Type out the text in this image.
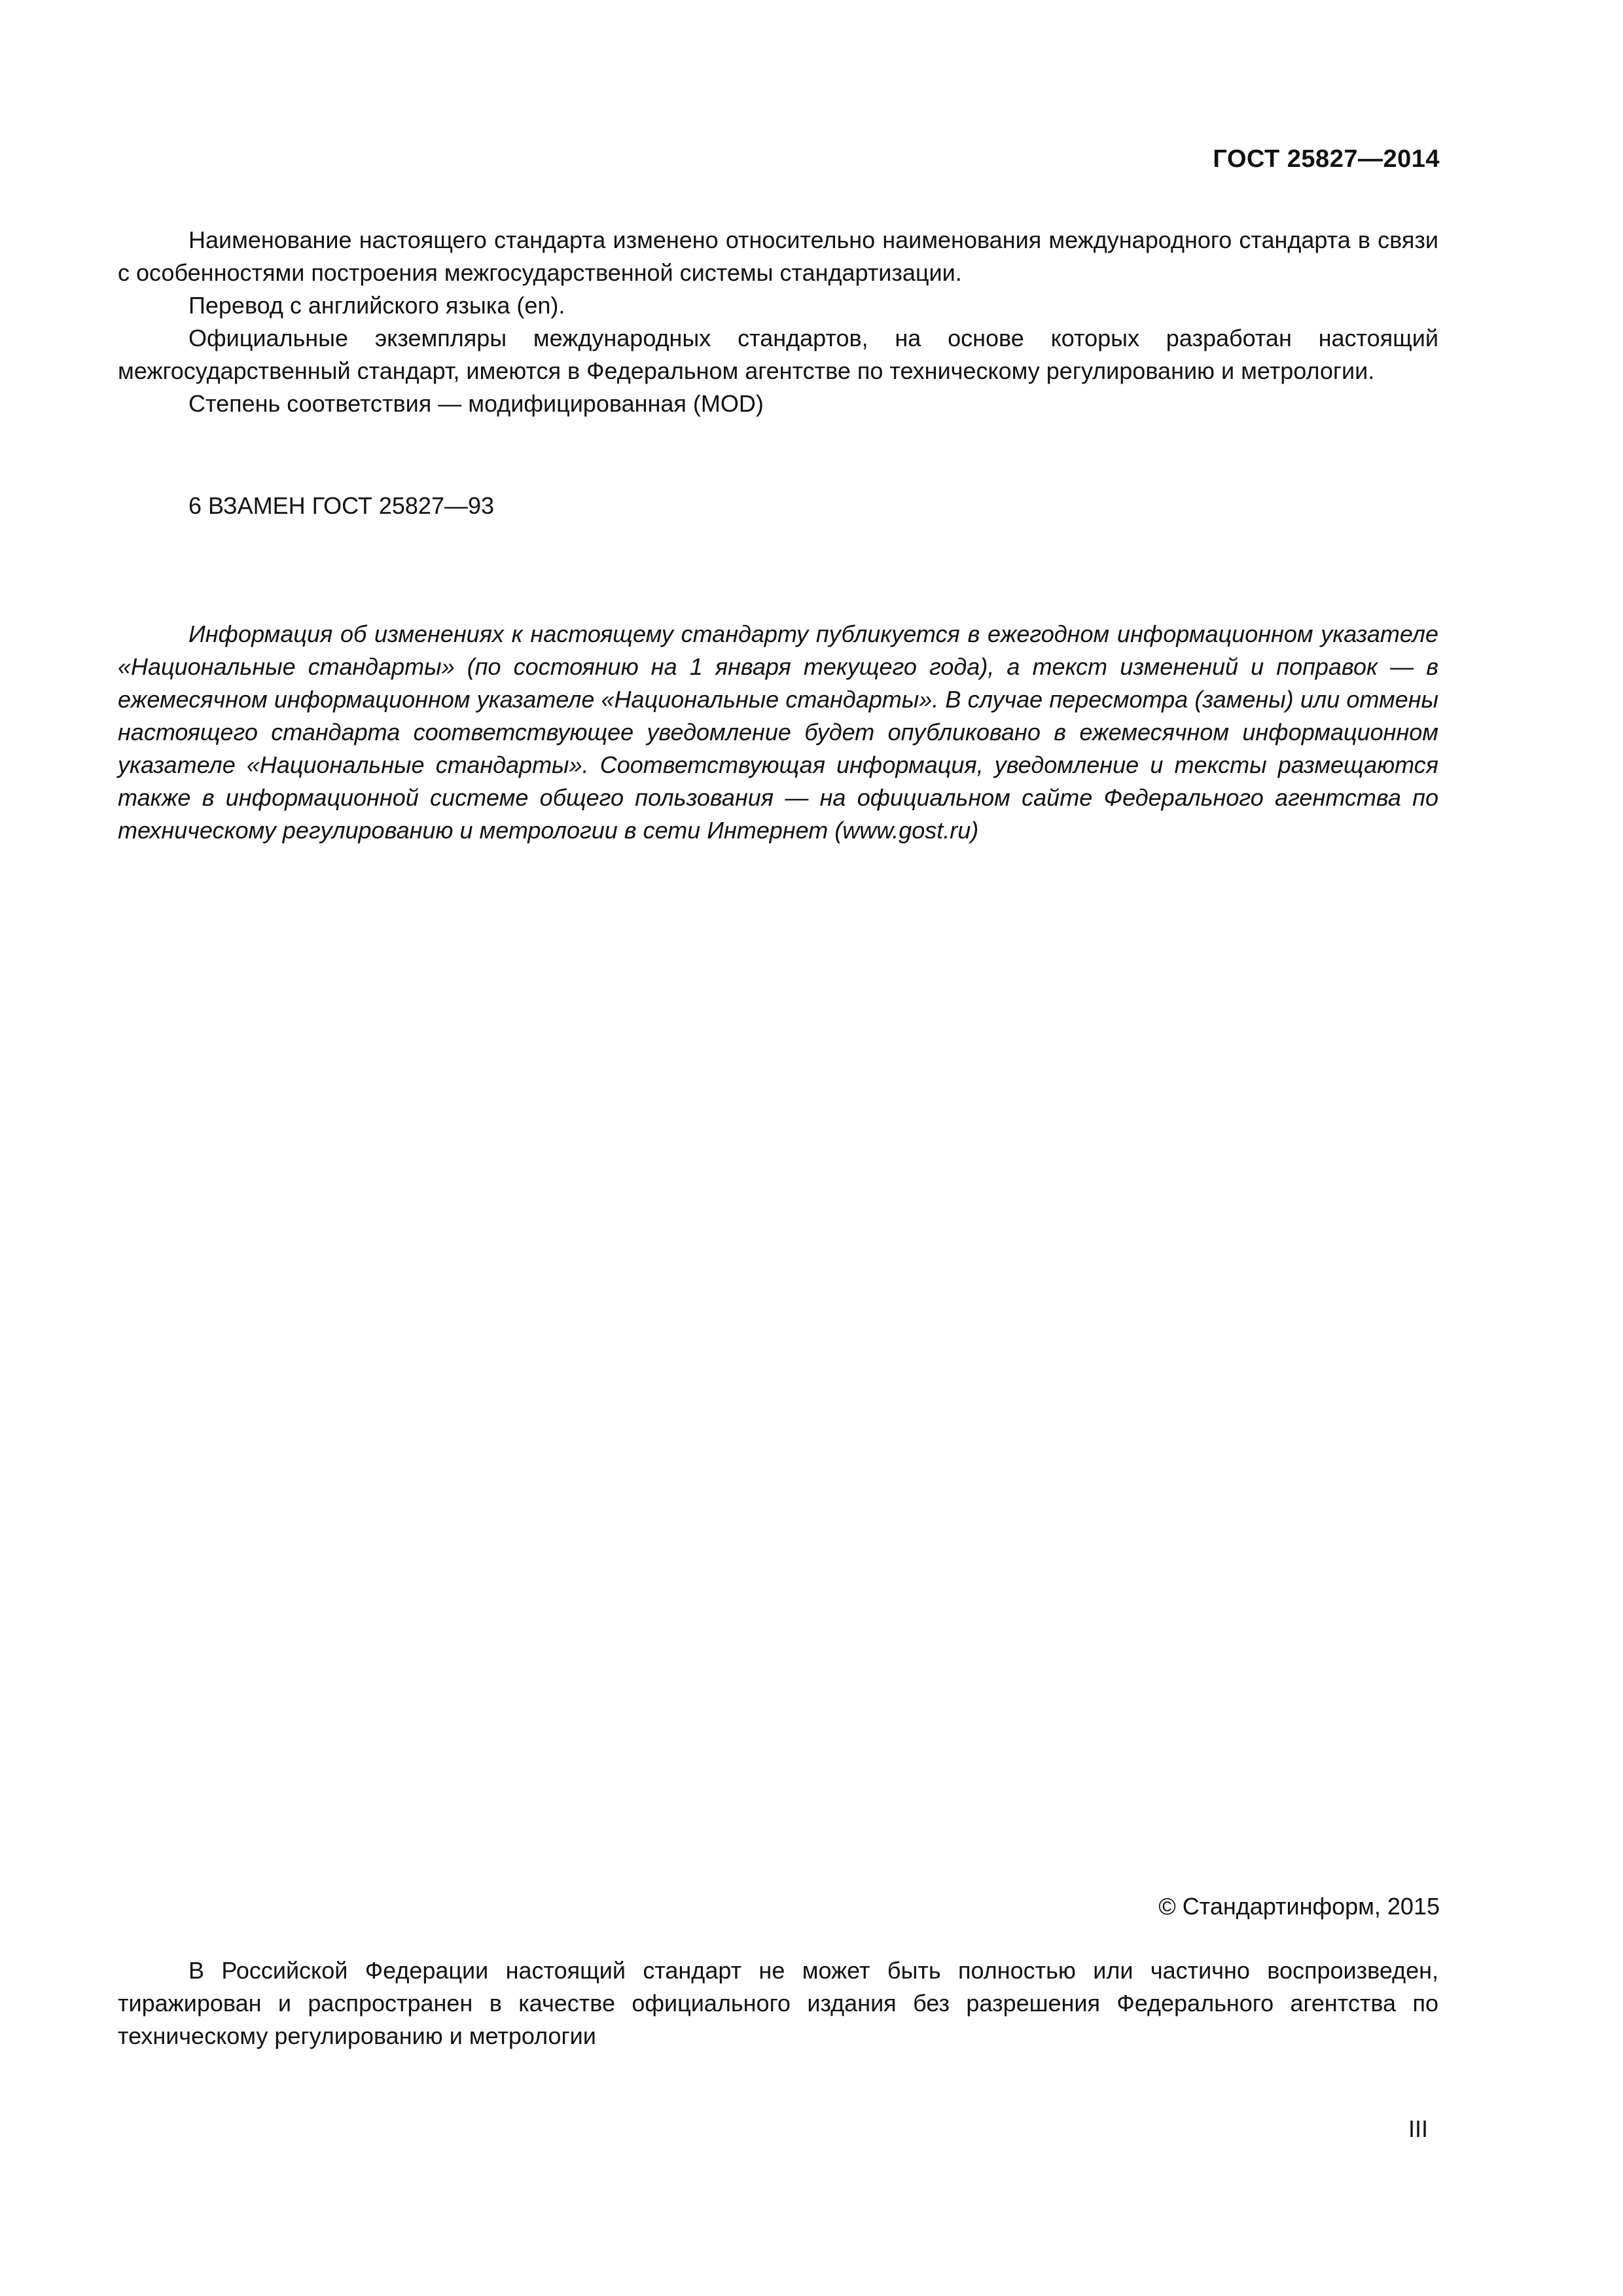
ГОСТ 25827—2014

Наименование настоящего стандарта изменено относительно наименования международного стандарта в связи с особенностями построения межгосударственной системы стандартизации.

Перевод с английского языка (en).

Официальные экземпляры международных стандартов, на основе которых разработан настоящий межгосударственный стандарт, имеются в Федеральном агентстве по техническому регулированию и метрологии.

Степень соответствия — модифицированная (MOD)

6 ВЗАМЕН ГОСТ 25827—93

Информация об изменениях к настоящему стандарту публикуется в ежегодном информационном указателе «Национальные стандарты» (по состоянию на 1 января текущего года), а текст изменений и поправок — в ежемесячном информационном указателе «Национальные стандарты». В случае пересмотра (замены) или отмены настоящего стандарта соответствующее уведомление будет опубликовано в ежемесячном информационном указателе «Национальные стандарты». Соответствующая информация, уведомление и тексты размещаются также в информационной системе общего пользования — на официальном сайте Федерального агентства по техническому регулированию и метрологии в сети Интернет (www.gost.ru)

© Стандартинформ, 2015

В Российской Федерации настоящий стандарт не может быть полностью или частично воспроизведен, тиражирован и распространен в качестве официального издания без разрешения Федерального агентства по техническому регулированию и метрологии

III
